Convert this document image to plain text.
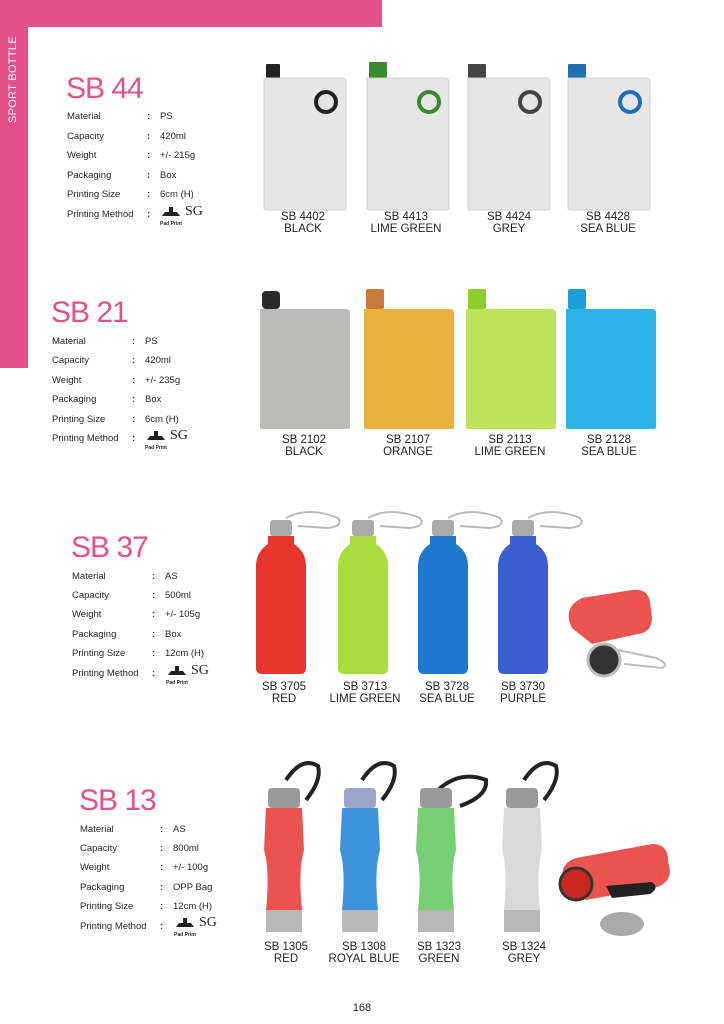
SPORT BOTTLE SB 44
Material	: PS
Capacity	: 420ml
Weight	: +/- 215g
Packaging	: Box
Printing Size	: 6cm (H)
Printing Method :
Pad Print
SG	SB 4402
BLACK
SB 4413
LIME GREEN
SB 4424
GREY
SB 4428
SEA BLUE
SB 21
Material	: PS
Capacity	: 420ml
Weight	: +/- 235g
Packaging	: Box
Printing Size	: 6cm (H)
Printing Method :
Pad Print
SG	SB 2102
BLACK
SB 2107
ORANGE
SB 2113
LIME GREEN
SB 2128
SEA BLUE
SB 37
Material	: AS
Capacity	: 500ml
Weight	: +/- 105g
Packaging	: Box
Printing Size	: 12cm (H)
Printing Method :
Pad Print
SG
SB 3705
RED
SB 3713
LIME GREEN
SB 3728
SEA BLUE
SB 3730
PURPLE
SB 13
Material	: AS
Capacity	: 800ml
Weight	: +/- 100g
Packaging	: OPP Bag
Printing Size	: 12cm (H)
Printing Method :
Pad Print
SG
SB 1305
RED
SB 1308
ROYAL BLUE
SB 1323
GREEN
SB 1324
GREY
168
